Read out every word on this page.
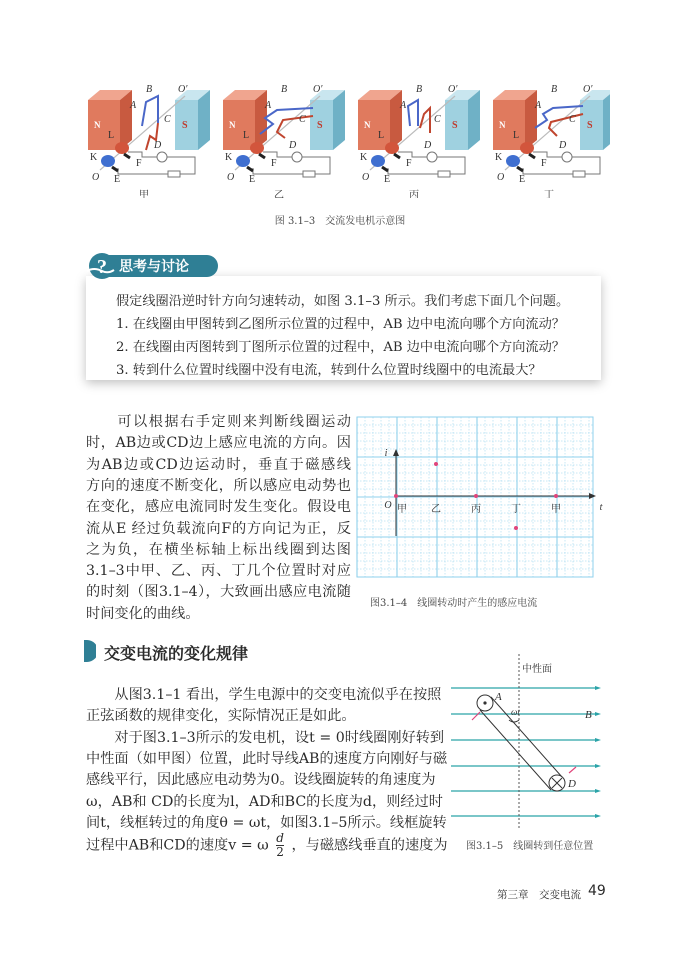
N	S
A
B
C
D
O′
L
K
F
O E
甲
N	S
A
B
C
D
O′
L
K
F
O E
乙
N	S
A
B
C
D
O′
L
K
F
O E
丙
N	S
A
B
C
D
O′
L
K
F
O E
丁
图 3.1–3　交流发电机示意图
假定线圈沿逆时针方向匀速转动，如图 3.1–3 所示。我们考虑下面几个问题。
1. 在线圈由甲图转到乙图所示位置的过程中，AB 边中电流向哪个方向流动？
2. 在线圈由丙图转到丁图所示位置的过程中，AB 边中电流向哪个方向流动？
3. 转到什么位置时线圈中没有电流，转到什么位置时线圈中的电流最大？
? 思考与讨论
　　可以根据右手定则来判断线圈运动
时，AB边或CD边上感应电流的方向。因
为AB边或CD边运动时，垂直于磁感线
方向的速度不断变化，所以感应电动势也
在变化，感应电流同时发生变化。假设电
流从E 经过负载流向F的方向记为正，反
之为负，在横坐标轴上标出线圈到达图
3.1–3中甲、乙、丙、丁几个位置时对应
的时刻（图3.1–4），大致画出感应电流随
时间变化的曲线。
O
i
t
甲 乙	丙	丁	甲
图3.1–4　线圈转动时产生的感应电流
交变电流的变化规律
　　从图3.1–1 看出，学生电源中的交变电流似乎在按照
正弦函数的规律变化，实际情况正是如此。
　　对于图3.1–3所示的发电机，设t = 0时线圈刚好转到
中性面（如甲图）位置，此时导线AB的速度方向刚好与磁
感线平行，因此感应电动势为0。设线圈旋转的角速度为
ω，AB和 CD的长度为l，AD和BC的长度为d，则经过时
间t，线框转过的角度θ = ωt，如图3.1–5所示。线框旋转
过程中AB和CD的速度v = ω $\frac{d}{2}$ ，与磁感线垂直的速度为
中性面
A
D
B
ωt
图3.1–5　线圈转到任意位置
第三章　交变电流 49
